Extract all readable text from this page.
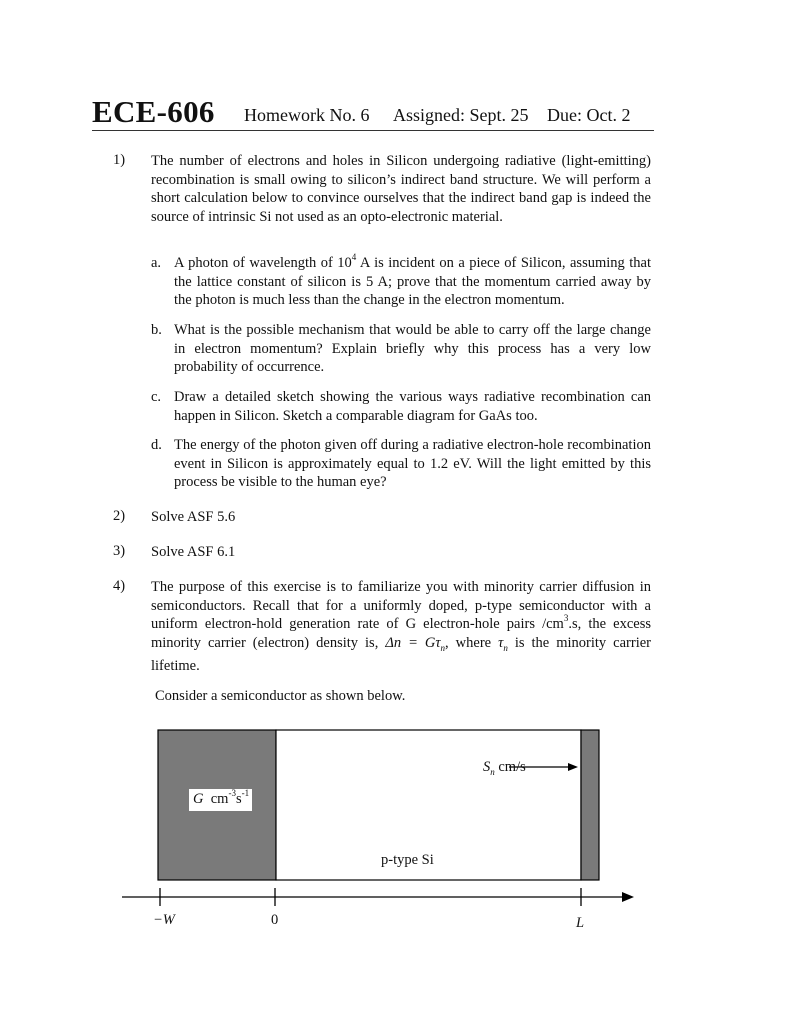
ECE-606 Homework No. 6 Assigned: Sept. 25 Due: Oct. 2
1) The number of electrons and holes in Silicon undergoing radiative (light-emitting) recombination is small owing to silicon’s indirect band structure. We will perform a short calculation below to convince ourselves that the indirect band gap is indeed the source of intrinsic Si not used as an opto-electronic material.
a. A photon of wavelength of $10^4$ A is incident on a piece of Silicon, assuming that the lattice constant of silicon is 5 A; prove that the momentum carried away by the photon is much less than the change in the electron momentum.
b. What is the possible mechanism that would be able to carry off the large change in electron momentum? Explain briefly why this process has a very low probability of occurrence.
c. Draw a detailed sketch showing the various ways radiative recombination can happen in Silicon. Sketch a comparable diagram for GaAs too.
d. The energy of the photon given off during a radiative electron-hole recombination event in Silicon is approximately equal to 1.2 eV. Will the light emitted by this process be visible to the human eye?
2) Solve ASF 5.6
3) Solve ASF 6.1
4) The purpose of this exercise is to familiarize you with minority carrier diffusion in semiconductors. Recall that for a uniformly doped, p-type semiconductor with a uniform electron-hold generation rate of G electron-hole pairs $/cm^3.s$, the excess minority carrier (electron) density is, $\Delta n = G\tau_n$, where $\tau_n$ is the minority carrier lifetime.
Consider a semiconductor as shown below.
G $cm^{-3}s^{-1}$
$S_n$ cm/s
p-type Si
−W	0	L
